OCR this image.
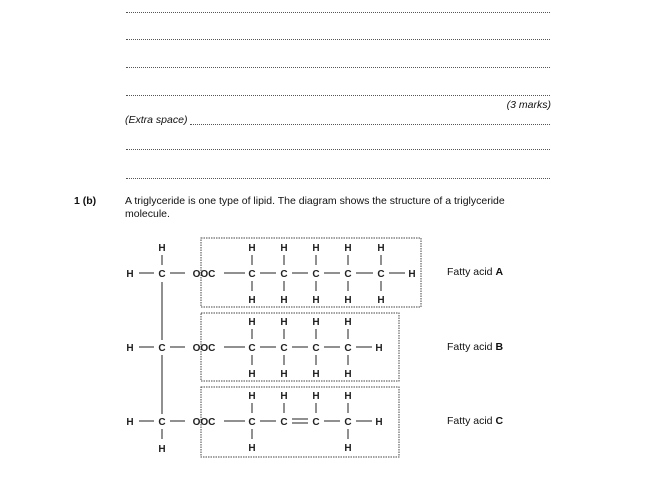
(3 marks)
(Extra space)
1 (b)	A triglyceride is one type of lipid. The diagram shows the structure of a triglyceride molecule.
H
H C	OOC
H C	OOC
H C	OOC
H
C
H
H
C
H
H
C
H
H
C
H
H
C
H
H
H
C
H
H
C
H
H
C
H
H
C
H
H
H
C
H
H
C
H
C
H
C
H
H
H
Fatty acid A
Fatty acid B
Fatty acid C
